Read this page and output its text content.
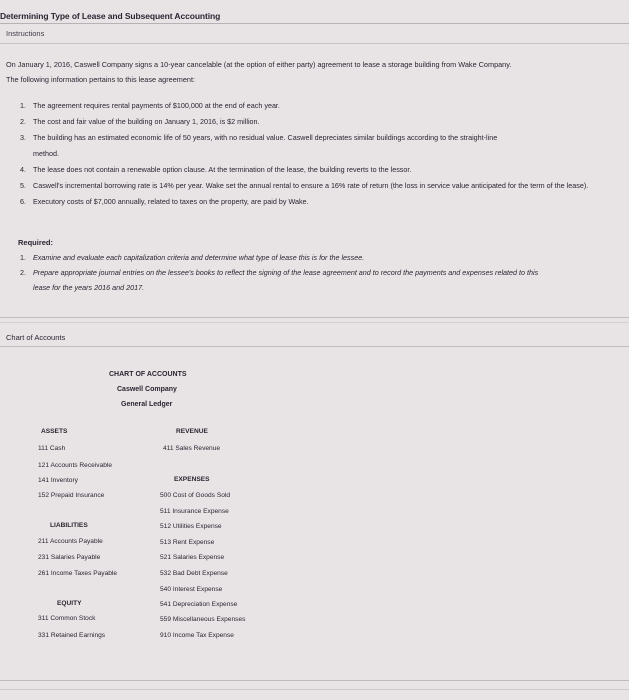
Determining Type of Lease and Subsequent Accounting
Instructions
On January 1, 2016, Caswell Company signs a 10-year cancelable (at the option of either party) agreement to lease a storage building from Wake Company.
The following information pertains to this lease agreement:
1. The agreement requires rental payments of $100,000 at the end of each year.
2. The cost and fair value of the building on January 1, 2016, is $2 million.
3. The building has an estimated economic life of 50 years, with no residual value. Caswell depreciates similar buildings according to the straight-line method.
4. The lease does not contain a renewable option clause. At the termination of the lease, the building reverts to the lessor.
5. Caswell's incremental borrowing rate is 14% per year. Wake set the annual rental to ensure a 16% rate of return (the loss in service value anticipated for the term of the lease).
6. Executory costs of $7,000 annually, related to taxes on the property, are paid by Wake.
Required:
1. Examine and evaluate each capitalization criteria and determine what type of lease this is for the lessee.
2. Prepare appropriate journal entries on the lessee's books to reflect the signing of the lease agreement and to record the payments and expenses related to this lease for the years 2016 and 2017.
Chart of Accounts
CHART OF ACCOUNTS
Caswell Company
General Ledger
ASSETS
111 Cash
121 Accounts Receivable
141 Inventory
152 Prepaid Insurance
LIABILITIES
211 Accounts Payable
231 Salaries Payable
261 Income Taxes Payable
EQUITY
311 Common Stock
331 Retained Earnings
REVENUE
411 Sales Revenue
EXPENSES
500 Cost of Goods Sold
511 Insurance Expense
512 Utilities Expense
513 Rent Expense
521 Salaries Expense
532 Bad Debt Expense
540 Interest Expense
541 Depreciation Expense
559 Miscellaneous Expenses
910 Income Tax Expense
